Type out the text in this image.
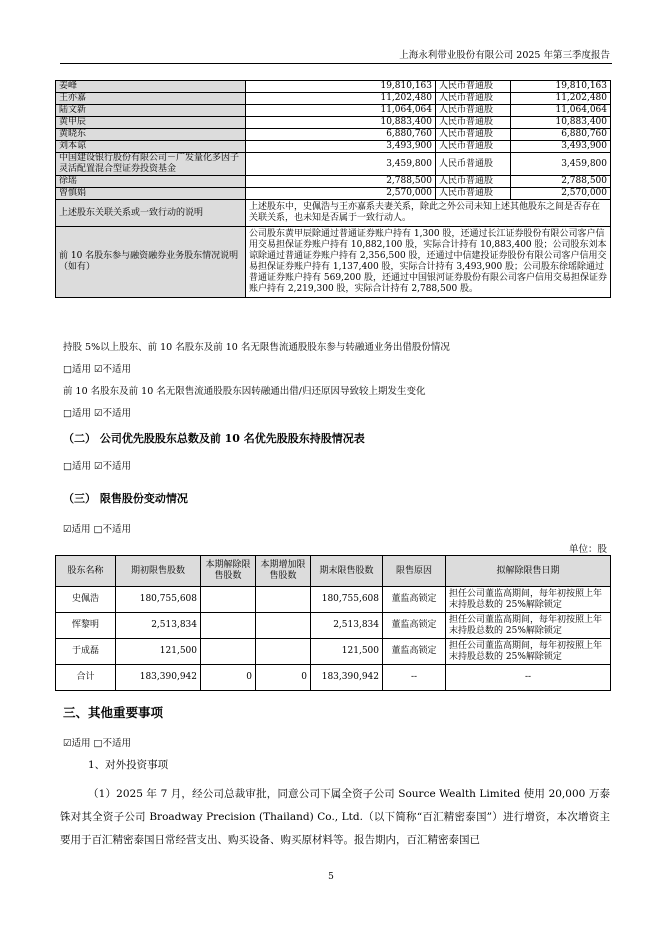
上海永利带业股份有限公司 2025 年第三季度报告
姜峰	19,810,163	人民币普通股	19,810,163
王亦嘉	11,202,480	人民币普通股	11,202,480
陆文新	11,064,064	人民币普通股	11,064,064
黄甲辰	10,883,400	人民币普通股	10,883,400
黄晓东	6,880,760	人民币普通股	6,880,760
刘本谅	3,493,900	人民币普通股	3,493,900
中国建设银行股份有限公司－广发量化多因子灵活配置混合型证券投资基金	3,459,800	人民币普通股	3,459,800
徐瑶	2,788,500	人民币普通股	2,788,500
曾慎娟	2,570,000	人民币普通股	2,570,000
上述股东关联关系或一致行动的说明	上述股东中，史佩浩与王亦嘉系夫妻关系，除此之外公司未知上述其他股东之间是否存在关联关系，也未知是否属于一致行动人。		
前 10 名股东参与融资融券业务股东情况说明（如有）	公司股东黄甲辰除通过普通证券账户持有 1,300 股，还通过长江证券股份有限公司客户信用交易担保证券账户持有 10,882,100 股，实际合计持有 10,883,400 股；公司股东刘本谅除通过普通证券账户持有 2,356,500 股，还通过中信建投证券股份有限公司客户信用交易担保证券账户持有 1,137,400 股，实际合计持有 3,493,900 股；公司股东徐瑶除通过普通证券账户持有 569,200 股，还通过中国银河证券股份有限公司客户信用交易担保证券账户持有 2,219,300 股，实际合计持有 2,788,500 股。		
持股 5%以上股东、前 10 名股东及前 10 名无限售流通股股东参与转融通业务出借股份情况
□适用 ☑不适用
前 10 名股东及前 10 名无限售流通股股东因转融通出借/归还原因导致较上期发生变化
□适用 ☑不适用
（二） 公司优先股股东总数及前 10 名优先股股东持股情况表
□适用 ☑不适用
（三） 限售股份变动情况
☑适用 □不适用
单位：股
股东名称	期初限售股数	本期解除限售股数	本期增加限售股数	期末限售股数	限售原因	拟解除限售日期
史佩浩	180,755,608			180,755,608	董监高锁定	担任公司董监高期间，每年初按照上年末持股总数的 25%解除锁定
恽黎明	2,513,834			2,513,834	董监高锁定	担任公司董监高期间，每年初按照上年末持股总数的 25%解除锁定
于成磊	121,500			121,500	董监高锁定	担任公司董监高期间，每年初按照上年末持股总数的 25%解除锁定
合计	183,390,942	0	0	183,390,942	--	--
三、其他重要事项
☑适用 □不适用
1、对外投资事项
（1）2025 年 7 月，经公司总裁审批，同意公司下属全资子公司 Source Wealth Limited 使用 20,000 万泰铢对其全资子公司 Broadway Precision (Thailand) Co., Ltd.（以下简称“百汇精密泰国”）进行增资，本次增资主要用于百汇精密泰国日常经营支出、购买设备、购买原材料等。报告期内，百汇精密泰国已
5
